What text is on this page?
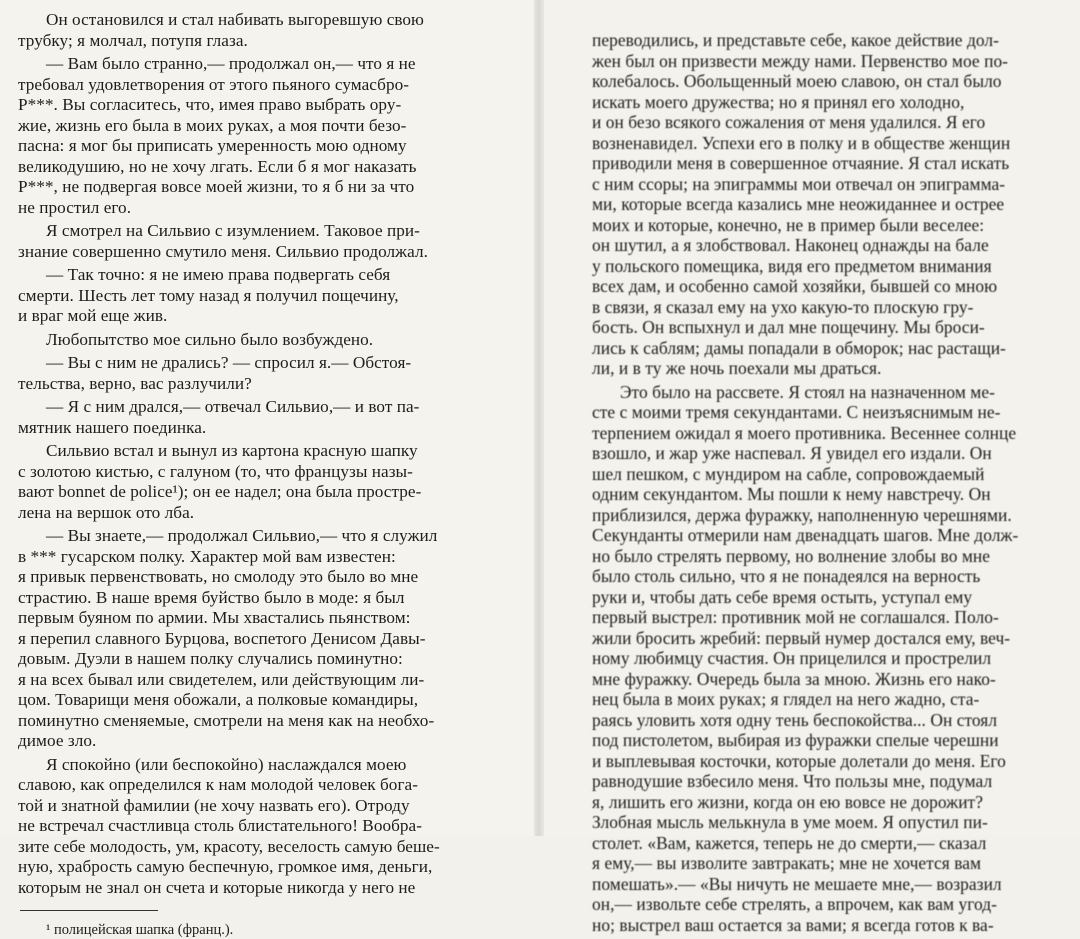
Он остановился и стал набивать выгоревшую свою
трубку; я молчал, потупя глаза.
— Вам было странно,— продолжал он,— что я не
требовал удовлетворения от этого пьяного сумасбро-
Р***. Вы согласитесь, что, имея право выбрать ору-
жие, жизнь его была в моих руках, а моя почти безо-
пасна: я мог бы приписать умеренность мою одному
великодушию, но не хочу лгать. Если б я мог наказать
Р***, не подвергая вовсе моей жизни, то я б ни за что
не простил его.
Я смотрел на Сильвио с изумлением. Таковое при-
знание совершенно смутило меня. Сильвио продолжал.
— Так точно: я не имею права подвергать себя
смерти. Шесть лет тому назад я получил пощечину,
и враг мой еще жив.
Любопытство мое сильно было возбуждено.
— Вы с ним не дрались? — спросил я.— Обстоя-
тельства, верно, вас разлучили?
— Я с ним дрался,— отвечал Сильвио,— и вот па-
мятник нашего поединка.
Сильвио встал и вынул из картона красную шапку
с золотою кистью, с галуном (то, что французы назы-
вают bonnet de police¹); он ее надел; она была простре-
лена на вершок ото лба.
— Вы знаете,— продолжал Сильвио,— что я служил
в *** гусарском полку. Характер мой вам известен:
я привык первенствовать, но смолоду это было во мне
страстию. В наше время буйство было в моде: я был
первым буяном по армии. Мы хвастались пьянством:
я перепил славного Бурцова, воспетого Денисом Давы-
довым. Дуэли в нашем полку случались поминутно:
я на всех бывал или свидетелем, или действующим ли-
цом. Товарищи меня обожали, а полковые командиры,
поминутно сменяемые, смотрели на меня как на необхо-
димое зло.
Я спокойно (или беспокойно) наслаждался моею
славою, как определился к нам молодой человек бога-
той и знатной фамилии (не хочу назвать его). Отроду
не встречал счастливца столь блистательного! Вообра-
зите себе молодость, ум, красоту, веселость самую беше-
ную, храбрость самую беспечную, громкое имя, деньги,
которым не знал он счета и которые никогда у него не
¹ полицейская шапка (франц.).
переводились, и представьте себе, какое действие дол-
жен был он призвести между нами. Первенство мое по-
колебалось. Обольщенный моею славою, он стал было
искать моего дружества; но я принял его холодно,
и он безо всякого сожаления от меня удалился. Я его
возненавидел. Успехи его в полку и в обществе женщин
приводили меня в совершенное отчаяние. Я стал искать
с ним ссоры; на эпиграммы мои отвечал он эпиграмма-
ми, которые всегда казались мне неожиданнее и острее
моих и которые, конечно, не в пример были веселее:
он шутил, а я злобствовал. Наконец однажды на бале
у польского помещика, видя его предметом внимания
всех дам, и особенно самой хозяйки, бывшей со мною
в связи, я сказал ему на ухо какую-то плоскую гру-
бость. Он вспыхнул и дал мне пощечину. Мы броси-
лись к саблям; дамы попадали в обморок; нас растащи-
ли, и в ту же ночь поехали мы драться.
Это было на рассвете. Я стоял на назначенном ме-
сте с моими тремя секундантами. С неизъяснимым не-
терпением ожидал я моего противника. Весеннее солнце
взошло, и жар уже наспевал. Я увидел его издали. Он
шел пешком, с мундиром на сабле, сопровождаемый
одним секундантом. Мы пошли к нему навстречу. Он
приблизился, держа фуражку, наполненную черешнями.
Секунданты отмерили нам двенадцать шагов. Мне долж-
но было стрелять первому, но волнение злобы во мне
было столь сильно, что я не понадеялся на верность
руки и, чтобы дать себе время остыть, уступал ему
первый выстрел: противник мой не соглашался. Поло-
жили бросить жребий: первый нумер достался ему, веч-
ному любимцу счастия. Он прицелился и прострелил
мне фуражку. Очередь была за мною. Жизнь его нако-
нец была в моих руках; я глядел на него жадно, ста-
раясь уловить хотя одну тень беспокойства... Он стоял
под пистолетом, выбирая из фуражки спелые черешни
и выплевывая косточки, которые долетали до меня. Его
равнодушие взбесило меня. Что пользы мне, подумал
я, лишить его жизни, когда он ею вовсе не дорожит?
Злобная мысль мелькнула в уме моем. Я опустил пи-
столет. «Вам, кажется, теперь не до смерти,— сказал
я ему,— вы изволите завтракать; мне не хочется вам
помешать».— «Вы ничуть не мешаете мне,— возразил
он,— извольте себе стрелять, а впрочем, как вам угод-
но; выстрел ваш остается за вами; я всегда готов к ва-
